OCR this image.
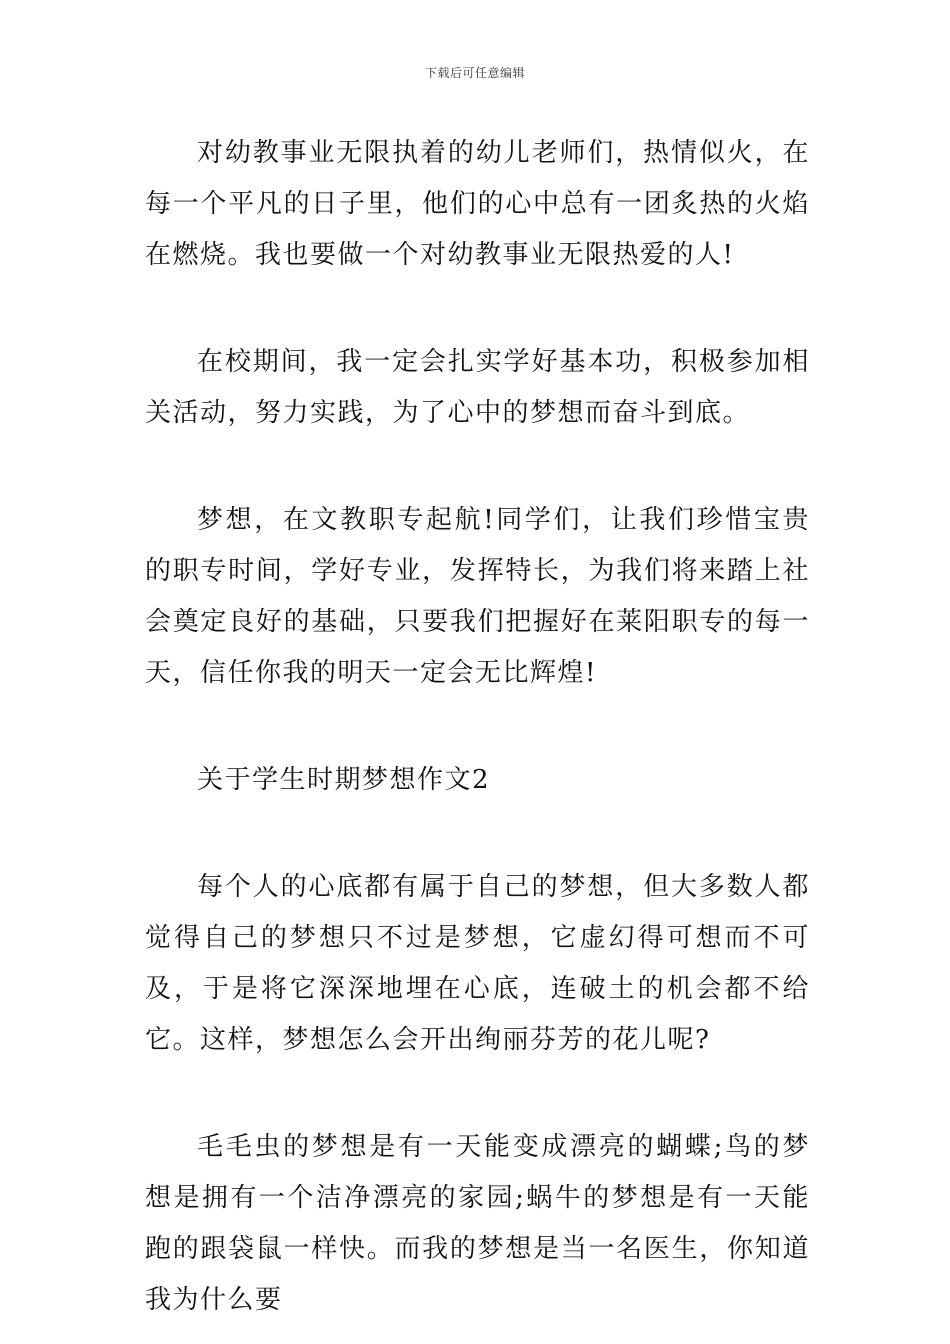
下载后可任意编辑

对幼教事业无限执着的幼儿老师们，热情似火，在每一个平凡的日子里，他们的心中总有一团炙热的火焰在燃烧。我也要做一个对幼教事业无限热爱的人!

在校期间，我一定会扎实学好基本功，积极参加相关活动，努力实践，为了心中的梦想而奋斗到底。

梦想，在文教职专起航!同学们，让我们珍惜宝贵的职专时间，学好专业，发挥特长，为我们将来踏上社会奠定良好的基础，只要我们把握好在莱阳职专的每一天，信任你我的明天一定会无比辉煌!

关于学生时期梦想作文2

每个人的心底都有属于自己的梦想，但大多数人都觉得自己的梦想只不过是梦想，它虚幻得可想而不可及，于是将它深深地埋在心底，连破土的机会都不给它。这样，梦想怎么会开出绚丽芬芳的花儿呢?

毛毛虫的梦想是有一天能变成漂亮的蝴蝶;鸟的梦想是拥有一个洁净漂亮的家园;蜗牛的梦想是有一天能跑的跟袋鼠一样快。而我的梦想是当一名医生，你知道我为什么要
